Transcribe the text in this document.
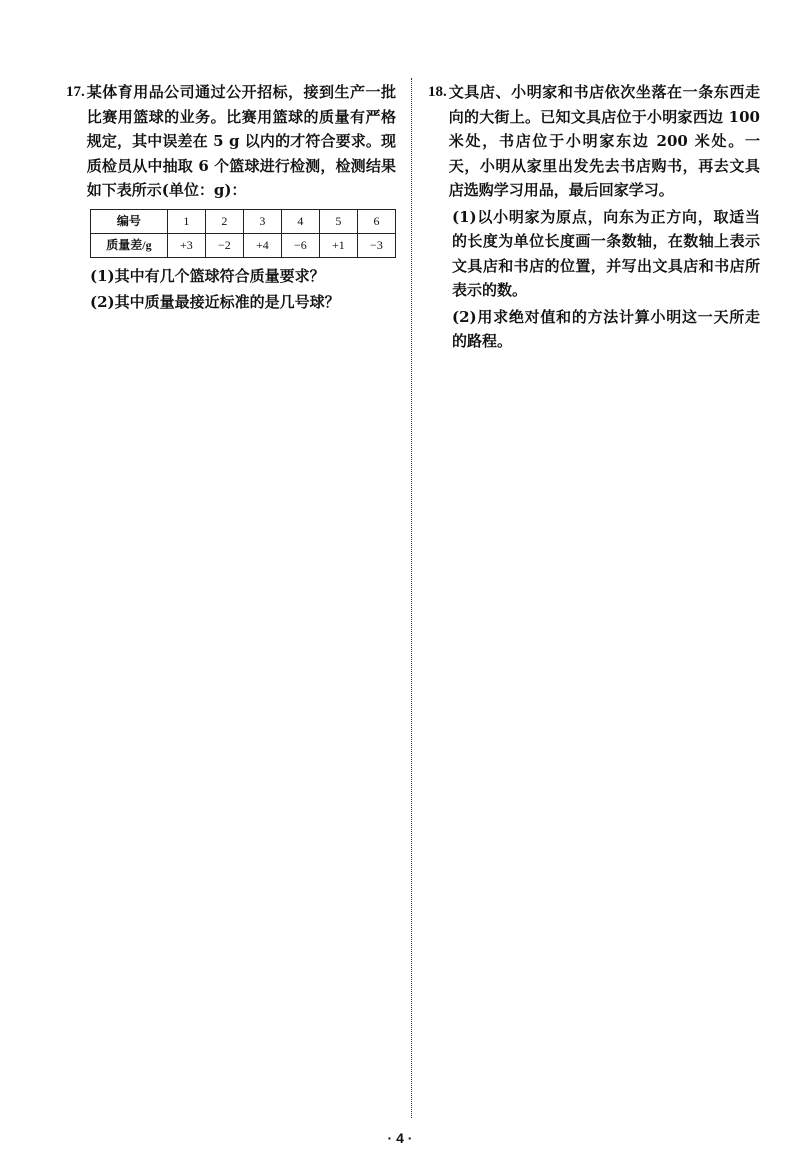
17. 某体育用品公司通过公开招标，接到生产一批比赛用篮球的业务。比赛用篮球的质量有严格规定，其中误差在 5 g 以内的才符合要求。现质检员从中抽取 6 个篮球进行检测，检测结果如下表所示(单位：g)：
编号	1	2	3	4	5	6
质量差/g	+3	−2	+4	−6	+1	−3
(1)其中有几个篮球符合质量要求？
(2)其中质量最接近标准的是几号球？
18. 文具店、小明家和书店依次坐落在一条东西走向的大街上。已知文具店位于小明家西边 100 米处，书店位于小明家东边 200 米处。一天，小明从家里出发先去书店购书，再去文具店选购学习用品，最后回家学习。
(1)以小明家为原点，向东为正方向，取适当的长度为单位长度画一条数轴，在数轴上表示文具店和书店的位置，并写出文具店和书店所表示的数。
(2)用求绝对值和的方法计算小明这一天所走的路程。
· 4 ·
